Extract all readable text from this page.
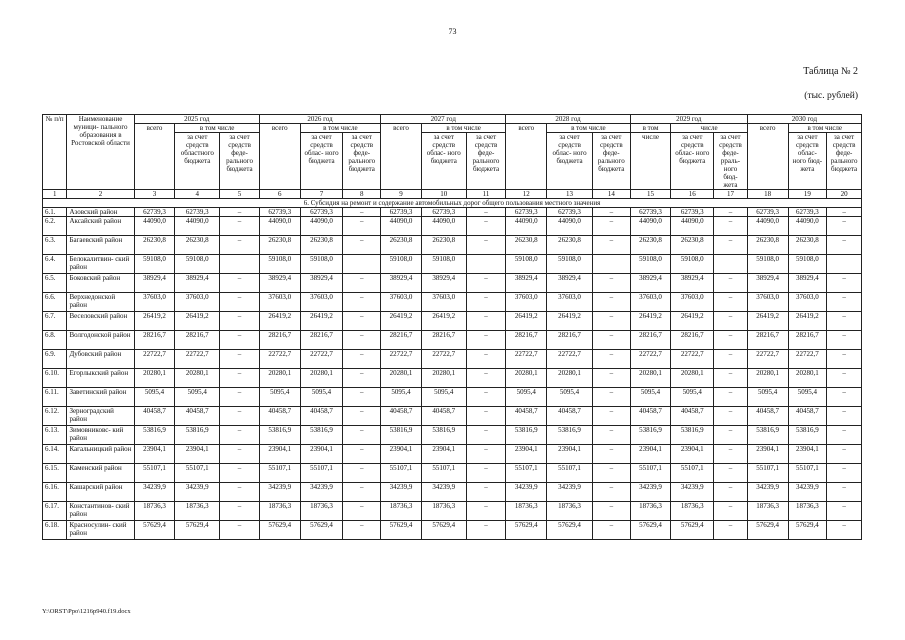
73
Таблица № 2
(тыс. рублей)
№ п/п	Наименование муници- пального образования в Ростовской области	2025 год			2026 год			2027 год			2028 год			2029 год			2030 год		
		всего	в том числе		всего	в том числе		всего	в том числе		всего	в том числе		в том	числе		всего	в том числе	
			за счет средств областного бюджета	за счет средств феде- рального бюджета		за счет средств облас- ного бюджета	за счет средств феде- рального бюджета		за счет средств облас- ного бюджета	за счет средств феде- рального бюджета		за счет средств облас- ного бюджета	за счет средств феде- рального бюджета	числе	за счет средств облас- ного бюджета	за счет средств феде- рраль- ного бюд- жета		за счет средств облас- ного бюд- жета	за счет средств феде- рального бюджета
1	2	3	4	5	6	7	8	9	10	11	12	13	14	15	16	17	18	19	20
6. Субсидия на ремонт и содержание автомобильных дорог общего пользования местного значения																			
6.1.	Азовский район	62739,3	62739,3	–	62739,3	62739,3	–	62739,3	62739,3	–	62739,3	62739,3	–	62739,3	62739,3	–	62739,3	62739,3	–
6.2.	Аксайский район	44090,0	44090,0	–	44090,0	44090,0	–	44090,0	44090,0	–	44090,0	44090,0	–	44090,0	44090,0	–	44090,0	44090,0	–
6.3.	Багаевский район	26230,8	26230,8	–	26230,8	26230,8	–	26230,8	26230,8	–	26230,8	26230,8	–	26230,8	26230,8	–	26230,8	26230,8	–
6.4.	Белокалитвин- ский район	59108,0	59108,0		59108,0	59108,0		59108,0	59108,0		59108,0	59108,0		59108,0	59108,0		59108,0	59108,0	
6.5.	Боковский район	38929,4	38929,4	–	38929,4	38929,4	–	38929,4	38929,4	–	38929,4	38929,4	–	38929,4	38929,4	–	38929,4	38929,4	–
6.6.	Верхнедонской район	37603,0	37603,0	–	37603,0	37603,0	–	37603,0	37603,0	–	37603,0	37603,0	–	37603,0	37603,0	–	37603,0	37603,0	–
6.7.	Веселовский район	26419,2	26419,2	–	26419,2	26419,2	–	26419,2	26419,2	–	26419,2	26419,2	–	26419,2	26419,2	–	26419,2	26419,2	–
6.8.	Волгодонской район	28216,7	28216,7	–	28216,7	28216,7	–	28216,7	28216,7	–	28216,7	28216,7	–	28216,7	28216,7	–	28216,7	28216,7	–
6.9.	Дубовский район	22722,7	22722,7	–	22722,7	22722,7	–	22722,7	22722,7	–	22722,7	22722,7	–	22722,7	22722,7	–	22722,7	22722,7	–
6.10.	Егорлыкский район	20280,1	20280,1	–	20280,1	20280,1	–	20280,1	20280,1	–	20280,1	20280,1	–	20280,1	20280,1	–	20280,1	20280,1	–
6.11.	Заветинский район	5095,4	5095,4	–	5095,4	5095,4	–	5095,4	5095,4	–	5095,4	5095,4	–	5095,4	5095,4	–	5095,4	5095,4	–
6.12.	Зерноградский район	40458,7	40458,7	–	40458,7	40458,7	–	40458,7	40458,7	–	40458,7	40458,7	–	40458,7	40458,7	–	40458,7	40458,7	–
6.13.	Зимовниковс- кий район	53816,9	53816,9	–	53816,9	53816,9	–	53816,9	53816,9	–	53816,9	53816,9	–	53816,9	53816,9	–	53816,9	53816,9	–
6.14.	Кагальницкий район	23904,1	23904,1	–	23904,1	23904,1	–	23904,1	23904,1	–	23904,1	23904,1	–	23904,1	23904,1	–	23904,1	23904,1	–
6.15.	Каменский район	55107,1	55107,1	–	55107,1	55107,1	–	55107,1	55107,1	–	55107,1	55107,1	–	55107,1	55107,1	–	55107,1	55107,1	–
6.16.	Кашарский район	34239,9	34239,9	–	34239,9	34239,9	–	34239,9	34239,9	–	34239,9	34239,9	–	34239,9	34239,9	–	34239,9	34239,9	–
6.17.	Константинов- ский район	18736,3	18736,3	–	18736,3	18736,3	–	18736,3	18736,3	–	18736,3	18736,3	–	18736,3	18736,3	–	18736,3	18736,3	–
6.18.	Красносулин- ский район	57629,4	57629,4	–	57629,4	57629,4	–	57629,4	57629,4	–	57629,4	57629,4	–	57629,4	57629,4	–	57629,4	57629,4	–
Y:\ORST\Ppo\1216p940.f19.docx
